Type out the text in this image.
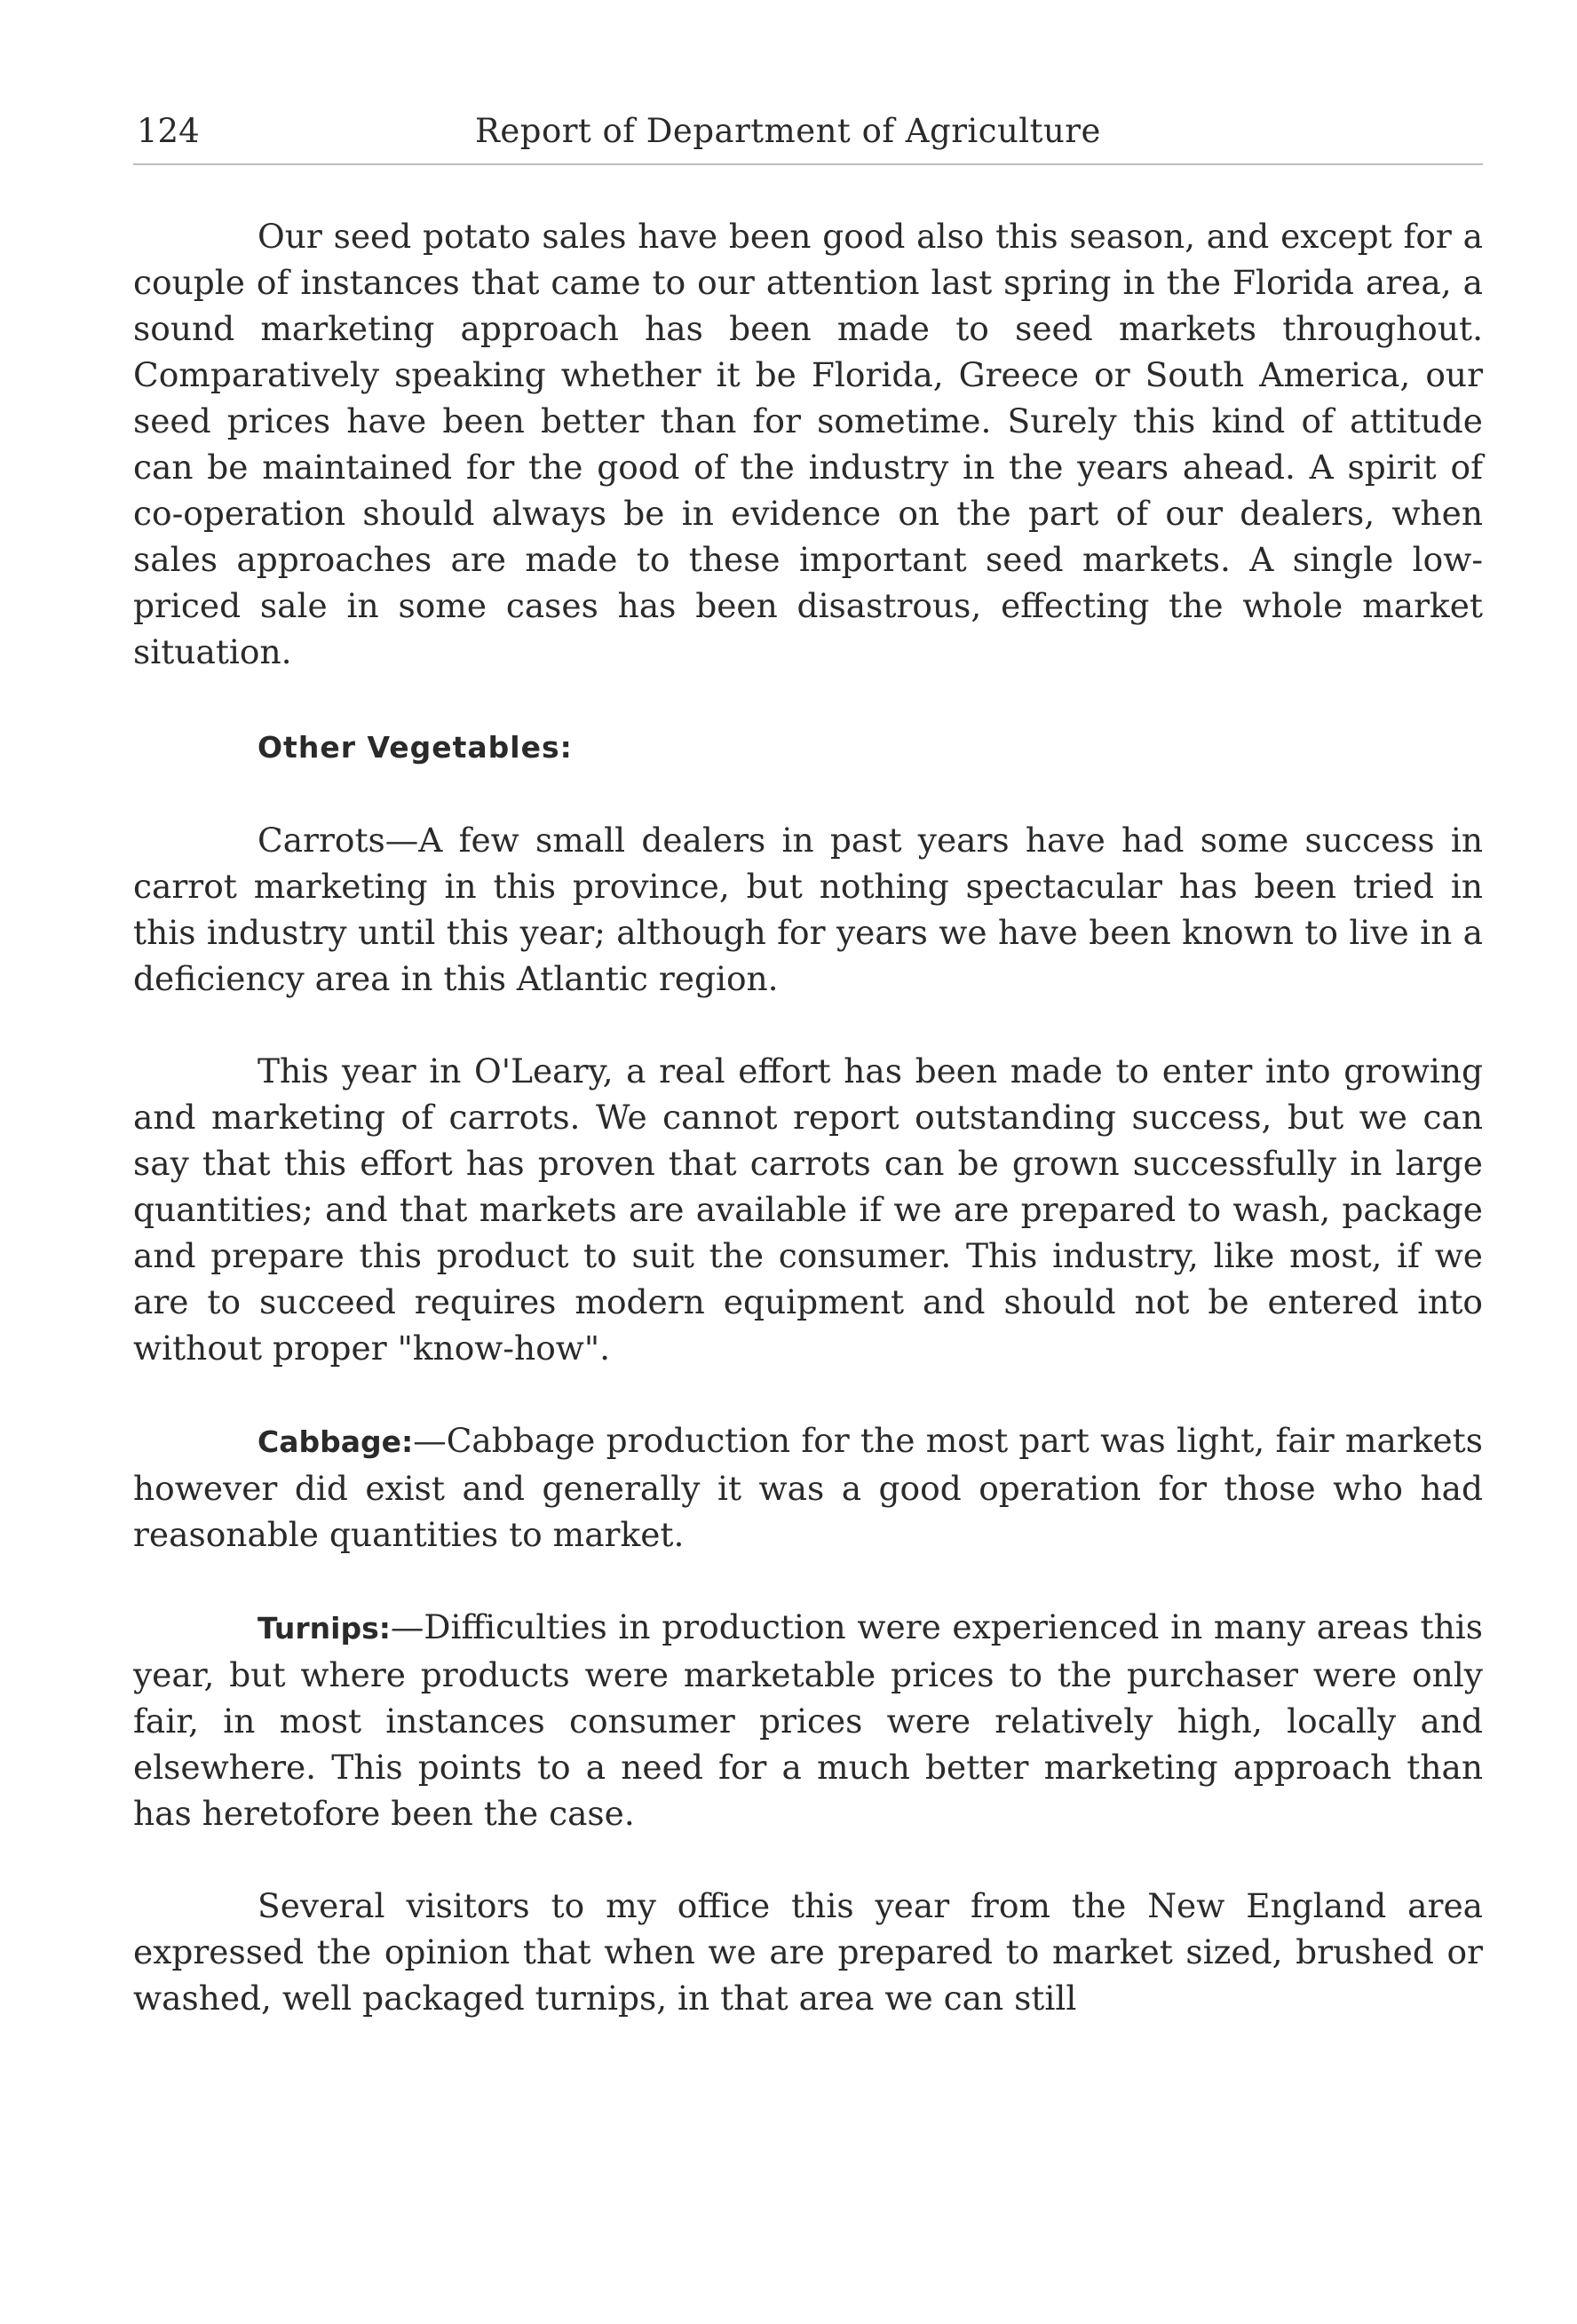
124	Report of Department of Agriculture

Our seed potato sales have been good also this season, and except for a couple of instances that came to our attention last spring in the Florida area, a sound marketing approach has been made to seed markets throughout. Comparatively speaking whether it be Florida, Greece or South America, our seed prices have been better than for sometime. Surely this kind of attitude can be maintained for the good of the industry in the years ahead. A spirit of co-operation should always be in evidence on the part of our dealers, when sales approaches are made to these important seed markets. A single low-priced sale in some cases has been disastrous, effecting the whole market situation.

Other Vegetables:

Carrots—A few small dealers in past years have had some success in carrot marketing in this province, but nothing spectacular has been tried in this industry until this year; although for years we have been known to live in a deficiency area in this Atlantic region.

This year in O'Leary, a real effort has been made to enter into growing and marketing of carrots. We cannot report outstanding success, but we can say that this effort has proven that carrots can be grown successfully in large quantities; and that markets are available if we are prepared to wash, package and prepare this product to suit the consumer. This industry, like most, if we are to succeed requires modern equipment and should not be entered into without proper "know-how".

Cabbage:—Cabbage production for the most part was light, fair markets however did exist and generally it was a good operation for those who had reasonable quantities to market.

Turnips:—Difficulties in production were experienced in many areas this year, but where products were marketable prices to the purchaser were only fair, in most instances consumer prices were relatively high, locally and elsewhere. This points to a need for a much better marketing approach than has heretofore been the case.

Several visitors to my office this year from the New England area expressed the opinion that when we are prepared to market sized, brushed or washed, well packaged turnips, in that area we can still
